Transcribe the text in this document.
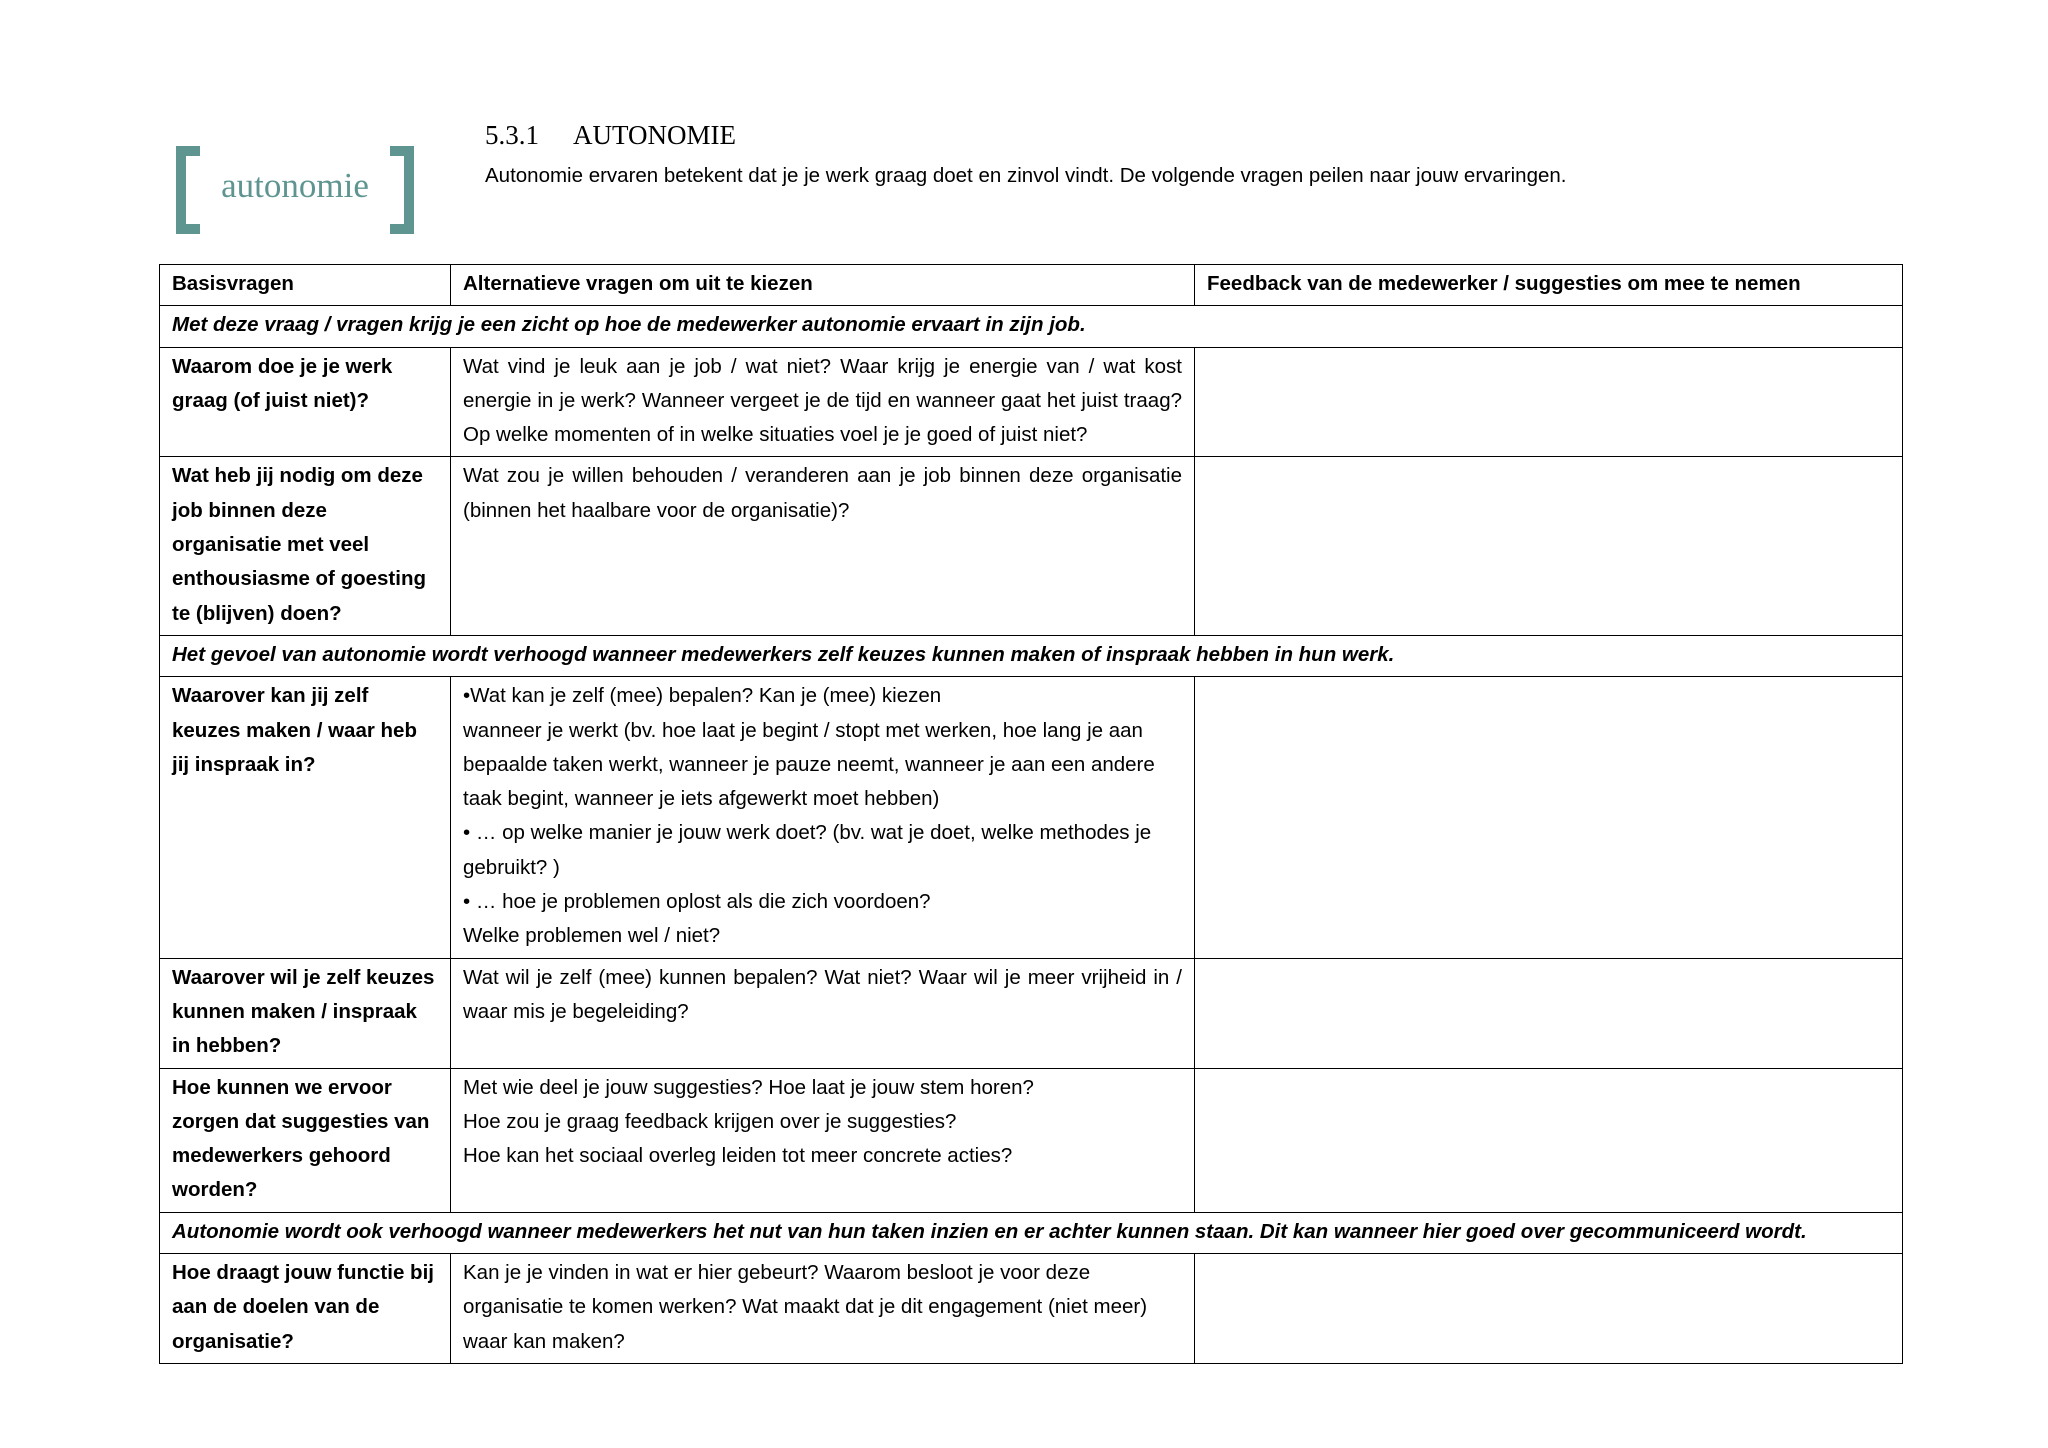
autonomie
5.3.1 AUTONOMIE
Autonomie ervaren betekent dat je je werk graag doet en zinvol vindt. De volgende vragen peilen naar jouw ervaringen.
Basisvragen	Alternatieve vragen om uit te kiezen	Feedback van de medewerker / suggesties om mee te nemen
Met deze vraag / vragen krijg je een zicht op hoe de medewerker autonomie ervaart in zijn job.		
Waarom doe je je werk graag (of juist niet)?	Wat vind je leuk aan je job / wat niet? Waar krijg je energie van / wat kost energie in je werk? Wanneer vergeet je de tijd en wanneer gaat het juist traag? Op welke momenten of in welke situaties voel je je goed of juist niet?	
Wat heb jij nodig om deze job binnen deze organisatie met veel enthousiasme of goesting te (blijven) doen?	Wat zou je willen behouden / veranderen aan je job binnen deze organisatie (binnen het haalbare voor de organisatie)?	
Het gevoel van autonomie wordt verhoogd wanneer medewerkers zelf keuzes kunnen maken of inspraak hebben in hun werk.		
Waarover kan jij zelf keuzes maken / waar heb jij inspraak in?	•Wat kan je zelf (mee) bepalen? Kan je (mee) kiezen
wanneer je werkt (bv. hoe laat je begint / stopt met werken, hoe lang je aan bepaalde taken werkt, wanneer je pauze neemt, wanneer je aan een andere taak begint, wanneer je iets afgewerkt moet hebben)
• … op welke manier je jouw werk doet? (bv. wat je doet, welke methodes je gebruikt? )
• … hoe je problemen oplost als die zich voordoen?
Welke problemen wel / niet?	

Waarover wil je zelf keuzes kunnen maken / inspraak in hebben?	Wat wil je zelf (mee) kunnen bepalen? Wat niet? Waar wil je meer vrijheid in / waar mis je begeleiding?	
Hoe kunnen we ervoor zorgen dat suggesties van medewerkers gehoord worden?	Met wie deel je jouw suggesties? Hoe laat je jouw stem horen?
Hoe zou je graag feedback krijgen over je suggesties?
Hoe kan het sociaal overleg leiden tot meer concrete acties?	

Autonomie wordt ook verhoogd wanneer medewerkers het nut van hun taken inzien en er achter kunnen staan. Dit kan wanneer hier goed over gecommuniceerd wordt.		
Hoe draagt jouw functie bij aan de doelen van de organisatie?	Kan je je vinden in wat er hier gebeurt? Waarom besloot je voor deze organisatie te komen werken? Wat maakt dat je dit engagement (niet meer) waar kan maken?	
